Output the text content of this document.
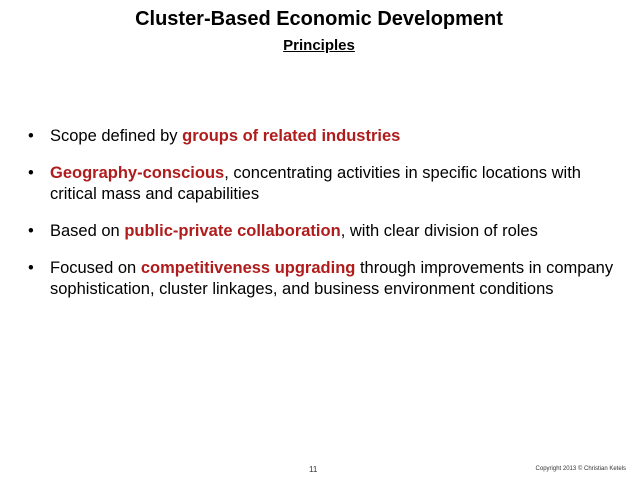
Cluster-Based Economic Development
Principles
• Scope defined by groups of related industries
• Geography-conscious, concentrating activities in specific locations with critical mass and capabilities
• Based on public-private collaboration, with clear division of roles
• Focused on competitiveness upgrading through improvements in company sophistication, cluster linkages, and business environment conditions
11	Copyright 2013 © Christian Ketels
